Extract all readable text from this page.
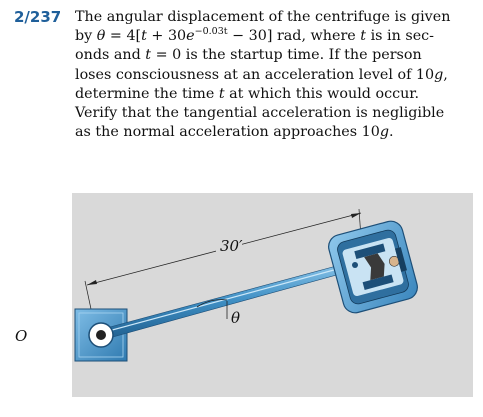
2/237 The angular displacement of the centrifuge is given
by $\theta = 4[t + 30e^{-0.03t} - 30]$ rad, where t is in sec-
onds and t = 0 is the startup time. If the person
loses consciousness at an acceleration level of 10g,
determine the time t at which this would occur.
Verify that the tangential acceleration is negligible
as the normal acceleration approaches 10g.
30′
θ
O
